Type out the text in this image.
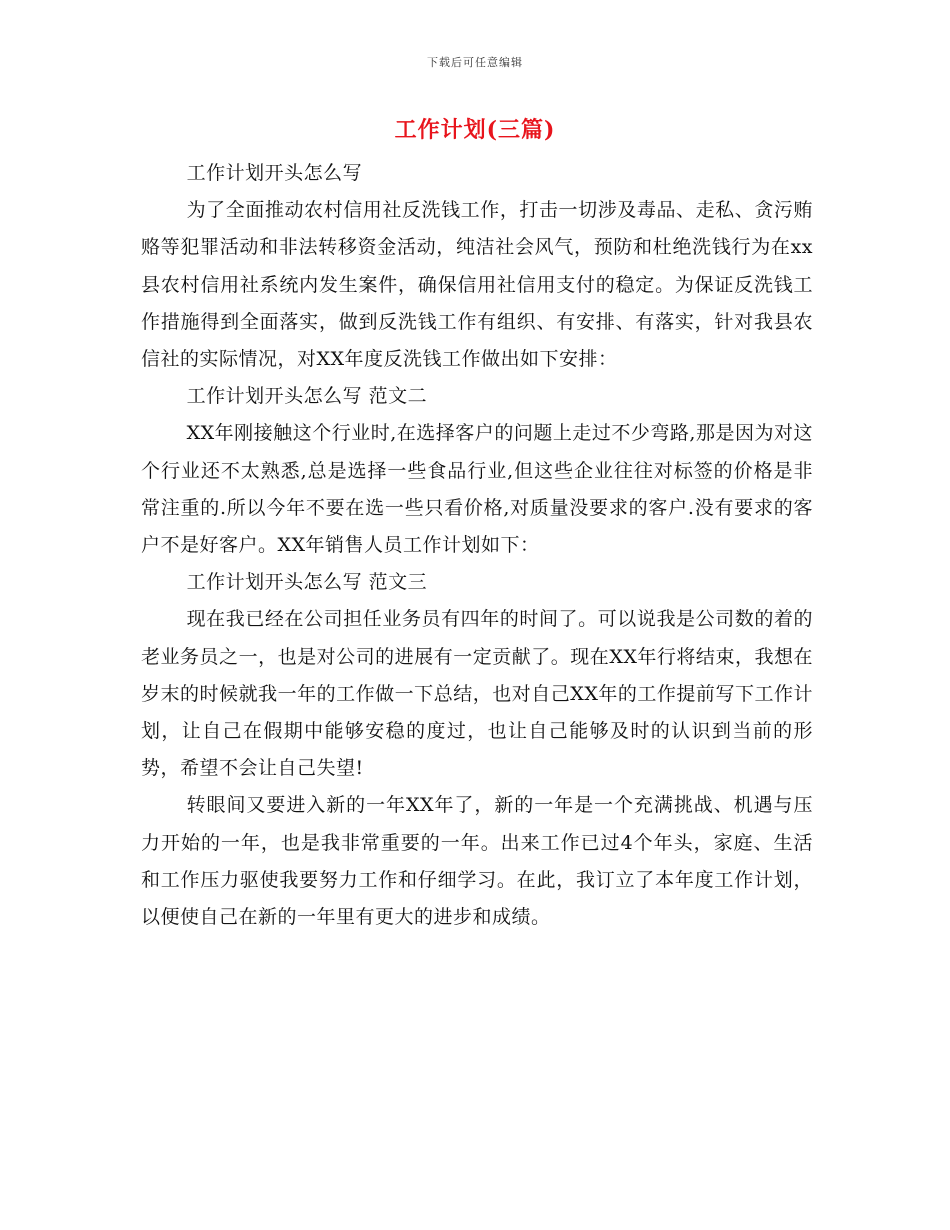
下载后可任意编辑
工作计划(三篇)

工作计划开头怎么写

为了全面推动农村信用社反洗钱工作，打击一切涉及毒品、走私、贪污贿赂等犯罪活动和非法转移资金活动，纯洁社会风气，预防和杜绝洗钱行为在xx县农村信用社系统内发生案件，确保信用社信用支付的稳定。为保证反洗钱工作措施得到全面落实，做到反洗钱工作有组织、有安排、有落实，针对我县农信社的实际情况，对XX年度反洗钱工作做出如下安排：

工作计划开头怎么写 范文二

XX年刚接触这个行业时,在选择客户的问题上走过不少弯路,那是因为对这个行业还不太熟悉,总是选择一些食品行业,但这些企业往往对标签的价格是非常注重的.所以今年不要在选一些只看价格,对质量没要求的客户.没有要求的客户不是好客户。XX年销售人员工作计划如下：

工作计划开头怎么写 范文三

现在我已经在公司担任业务员有四年的时间了。可以说我是公司数的着的老业务员之一，也是对公司的进展有一定贡献了。现在XX年行将结束，我想在岁末的时候就我一年的工作做一下总结，也对自己XX年的工作提前写下工作计划，让自己在假期中能够安稳的度过，也让自己能够及时的认识到当前的形势，希望不会让自己失望!

转眼间又要进入新的一年XX年了，新的一年是一个充满挑战、机遇与压力开始的一年，也是我非常重要的一年。出来工作已过4个年头，家庭、生活和工作压力驱使我要努力工作和仔细学习。在此，我订立了本年度工作计划，以便使自己在新的一年里有更大的进步和成绩。
